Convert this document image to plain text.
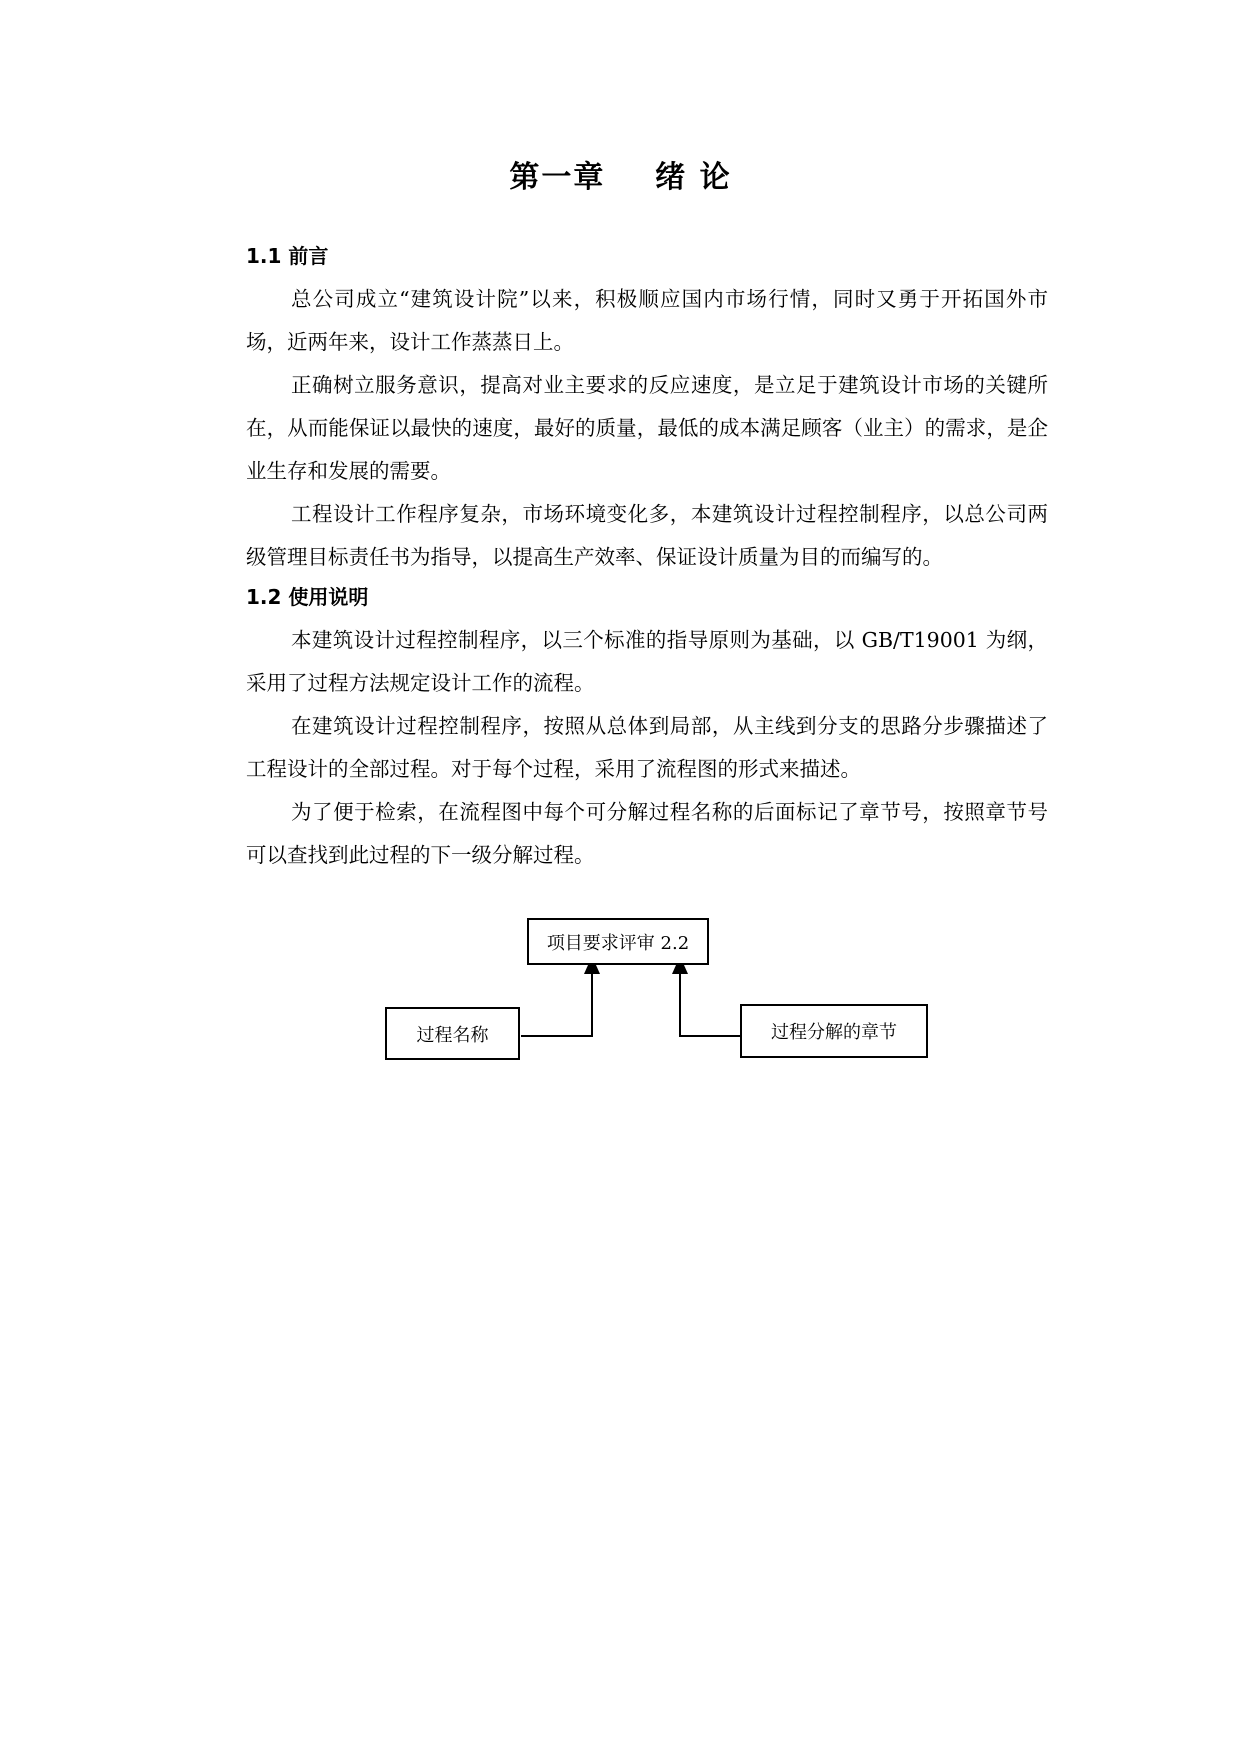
第一章    绪 论
1.1 前言
总公司成立“建筑设计院”以来，积极顺应国内市场行情，同时又勇于开拓国外市场，近两年来，设计工作蒸蒸日上。
正确树立服务意识，提高对业主要求的反应速度，是立足于建筑设计市场的关键所在，从而能保证以最快的速度，最好的质量，最低的成本满足顾客（业主）的需求，是企业生存和发展的需要。
工程设计工作程序复杂，市场环境变化多，本建筑设计过程控制程序，以总公司两级管理目标责任书为指导，以提高生产效率、保证设计质量为目的而编写的。
1.2 使用说明
本建筑设计过程控制程序，以三个标准的指导原则为基础，以 GB/T19001 为纲，采用了过程方法规定设计工作的流程。
在建筑设计过程控制程序，按照从总体到局部，从主线到分支的思路分步骤描述了工程设计的全部过程。对于每个过程，采用了流程图的形式来描述。
为了便于检索，在流程图中每个可分解过程名称的后面标记了章节号，按照章节号可以查找到此过程的下一级分解过程。
项目要求评审 2.2
过程名称	过程分解的章节
